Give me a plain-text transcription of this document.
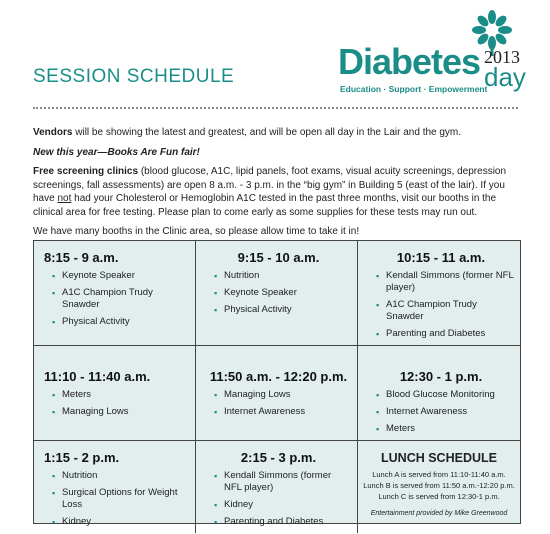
SESSION SCHEDULE	Diabetes 2013
day
Education · Support · Empowerment

Vendors will be showing the latest and greatest, and will be open all day in the Lair and the gym.

New this year—Books Are Fun fair!

Free screening clinics (blood glucose, A1C, lipid panels, foot exams, visual acuity screenings, depression screenings, fall assessments) are open 8 a.m. - 3 p.m. in the “big gym” in Building 5 (east of the lair). If you have not had your Cholesterol or Hemoglobin A1C tested in the past three months, visit our booths in the clinical area for free testing. Please plan to come early as some supplies for these tests may run out.

We have many booths in the Clinic area, so please allow time to take it in!

8:15 - 9 a.m.
▪ Keynote Speaker
▪ A1C Champion Trudy Snawder
▪ Physical Activity
9:15 - 10 a.m.
▪ Nutrition
▪ Keynote Speaker
▪ Physical Activity
10:15 - 11 a.m.
▪ Kendall Simmons (former NFL player)
▪ A1C Champion Trudy Snawder
▪ Parenting and Diabetes
11:10 - 11:40 a.m.
▪ Meters
▪ Managing Lows
11:50 a.m. - 12:20 p.m.
▪ Managing Lows
▪ Internet Awareness
12:30 - 1 p.m.
▪ Blood Glucose Monitoring
▪ Internet Awareness
▪ Meters
1:15 - 2 p.m.
▪ Nutrition
▪ Surgical Options for Weight Loss
▪ Kidney
2:15 - 3 p.m.
▪ Kendall Simmons (former NFL player)
▪ Kidney
▪ Parenting and Diabetes
LUNCH SCHEDULE
Lunch A is served from 11:10-11:40 a.m.
Lunch B is served from 11:50 a.m.-12:20 p.m.
Lunch C is served from 12:30-1 p.m.
Entertainment provided by Mike Greenwood
